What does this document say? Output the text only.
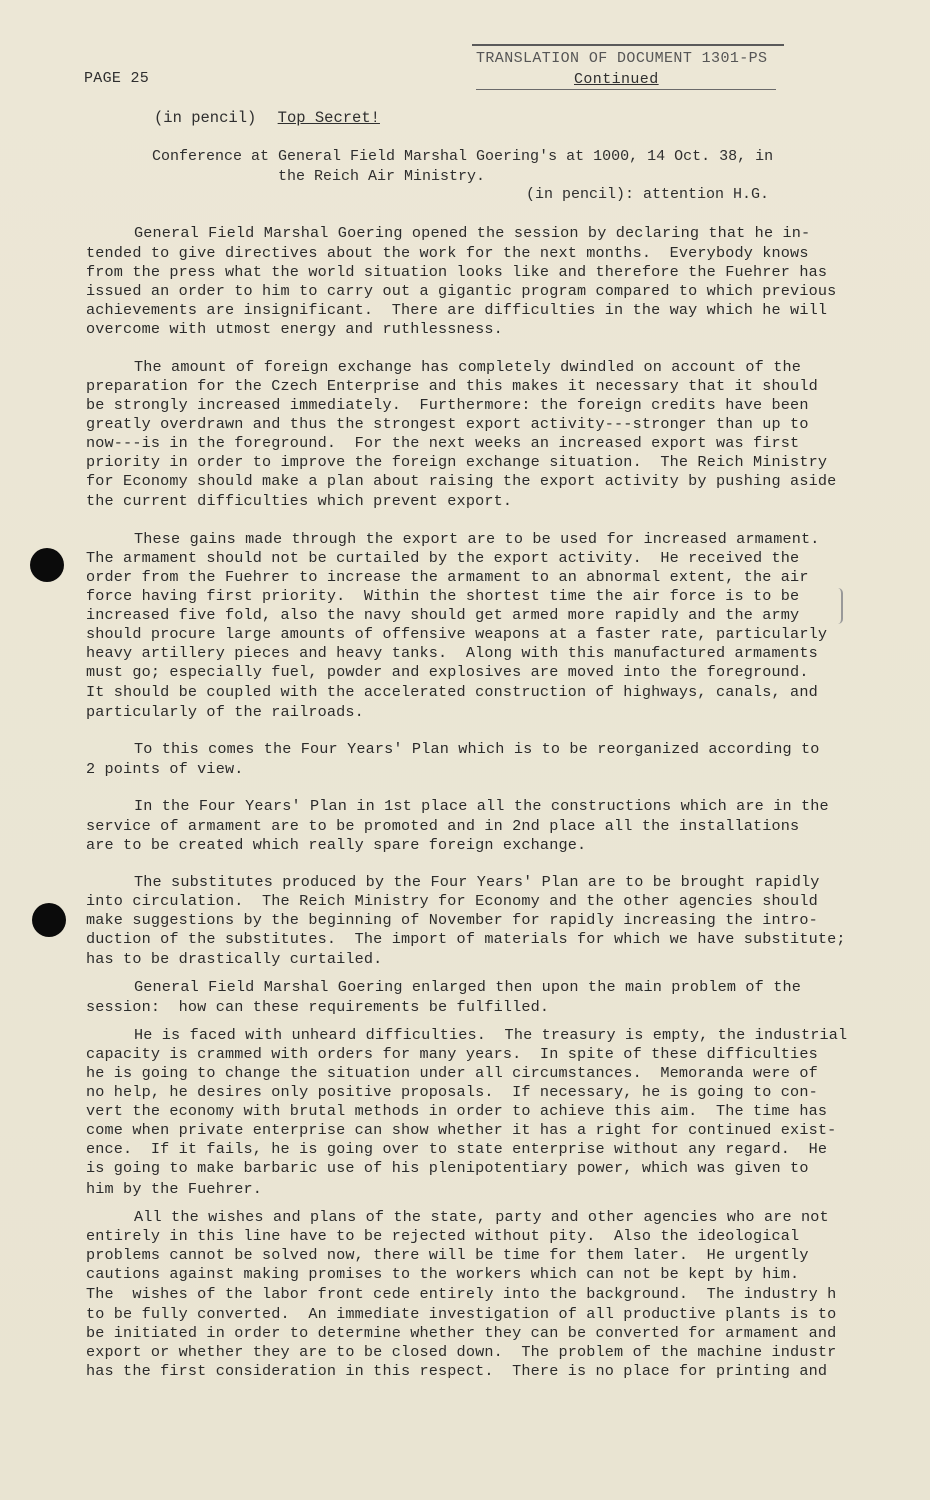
PAGE 25
TRANSLATION OF DOCUMENT 1301-PS
Continued
(in pencil) Top Secret!
Conference at General Field Marshal Goering's at 1000, 14 Oct. 38, in
the Reich Air Ministry.
(in pencil): attention H.G.
General Field Marshal Goering opened the session by declaring that he in-
tended to give directives about the work for the next months.  Everybody knows
from the press what the world situation looks like and therefore the Fuehrer has
issued an order to him to carry out a gigantic program compared to which previous
achievements are insignificant.  There are difficulties in the way which he will
overcome with utmost energy and ruthlessness.
The amount of foreign exchange has completely dwindled on account of the
preparation for the Czech Enterprise and this makes it necessary that it should
be strongly increased immediately.  Furthermore: the foreign credits have been
greatly overdrawn and thus the strongest export activity---stronger than up to
now---is in the foreground.  For the next weeks an increased export was first
priority in order to improve the foreign exchange situation.  The Reich Ministry
for Economy should make a plan about raising the export activity by pushing aside
the current difficulties which prevent export.
These gains made through the export are to be used for increased armament.
The armament should not be curtailed by the export activity.  He received the
order from the Fuehrer to increase the armament to an abnormal extent, the air
force having first priority.  Within the shortest time the air force is to be
increased five fold, also the navy should get armed more rapidly and the army
should procure large amounts of offensive weapons at a faster rate, particularly
heavy artillery pieces and heavy tanks.  Along with this manufactured armaments
must go; especially fuel, powder and explosives are moved into the foreground.
It should be coupled with the accelerated construction of highways, canals, and
particularly of the railroads.
To this comes the Four Years' Plan which is to be reorganized according to
2 points of view.
In the Four Years' Plan in 1st place all the constructions which are in the
service of armament are to be promoted and in 2nd place all the installations
are to be created which really spare foreign exchange.
The substitutes produced by the Four Years' Plan are to be brought rapidly
into circulation.  The Reich Ministry for Economy and the other agencies should
make suggestions by the beginning of November for rapidly increasing the intro-
duction of the substitutes.  The import of materials for which we have substitute;
has to be drastically curtailed.
General Field Marshal Goering enlarged then upon the main problem of the
session:  how can these requirements be fulfilled.
He is faced with unheard difficulties.  The treasury is empty, the industrial
capacity is crammed with orders for many years.  In spite of these difficulties
he is going to change the situation under all circumstances.  Memoranda were of
no help, he desires only positive proposals.  If necessary, he is going to con-
vert the economy with brutal methods in order to achieve this aim.  The time has
come when private enterprise can show whether it has a right for continued exist-
ence.  If it fails, he is going over to state enterprise without any regard.  He
is going to make barbaric use of his plenipotentiary power, which was given to
him by the Fuehrer.
All the wishes and plans of the state, party and other agencies who are not
entirely in this line have to be rejected without pity.  Also the ideological
problems cannot be solved now, there will be time for them later.  He urgently
cautions against making promises to the workers which can not be kept by him.
The  wishes of the labor front cede entirely into the background.  The industry h
to be fully converted.  An immediate investigation of all productive plants is to
be initiated in order to determine whether they can be converted for armament and
export or whether they are to be closed down.  The problem of the machine industr
has the first consideration in this respect.  There is no place for printing and
